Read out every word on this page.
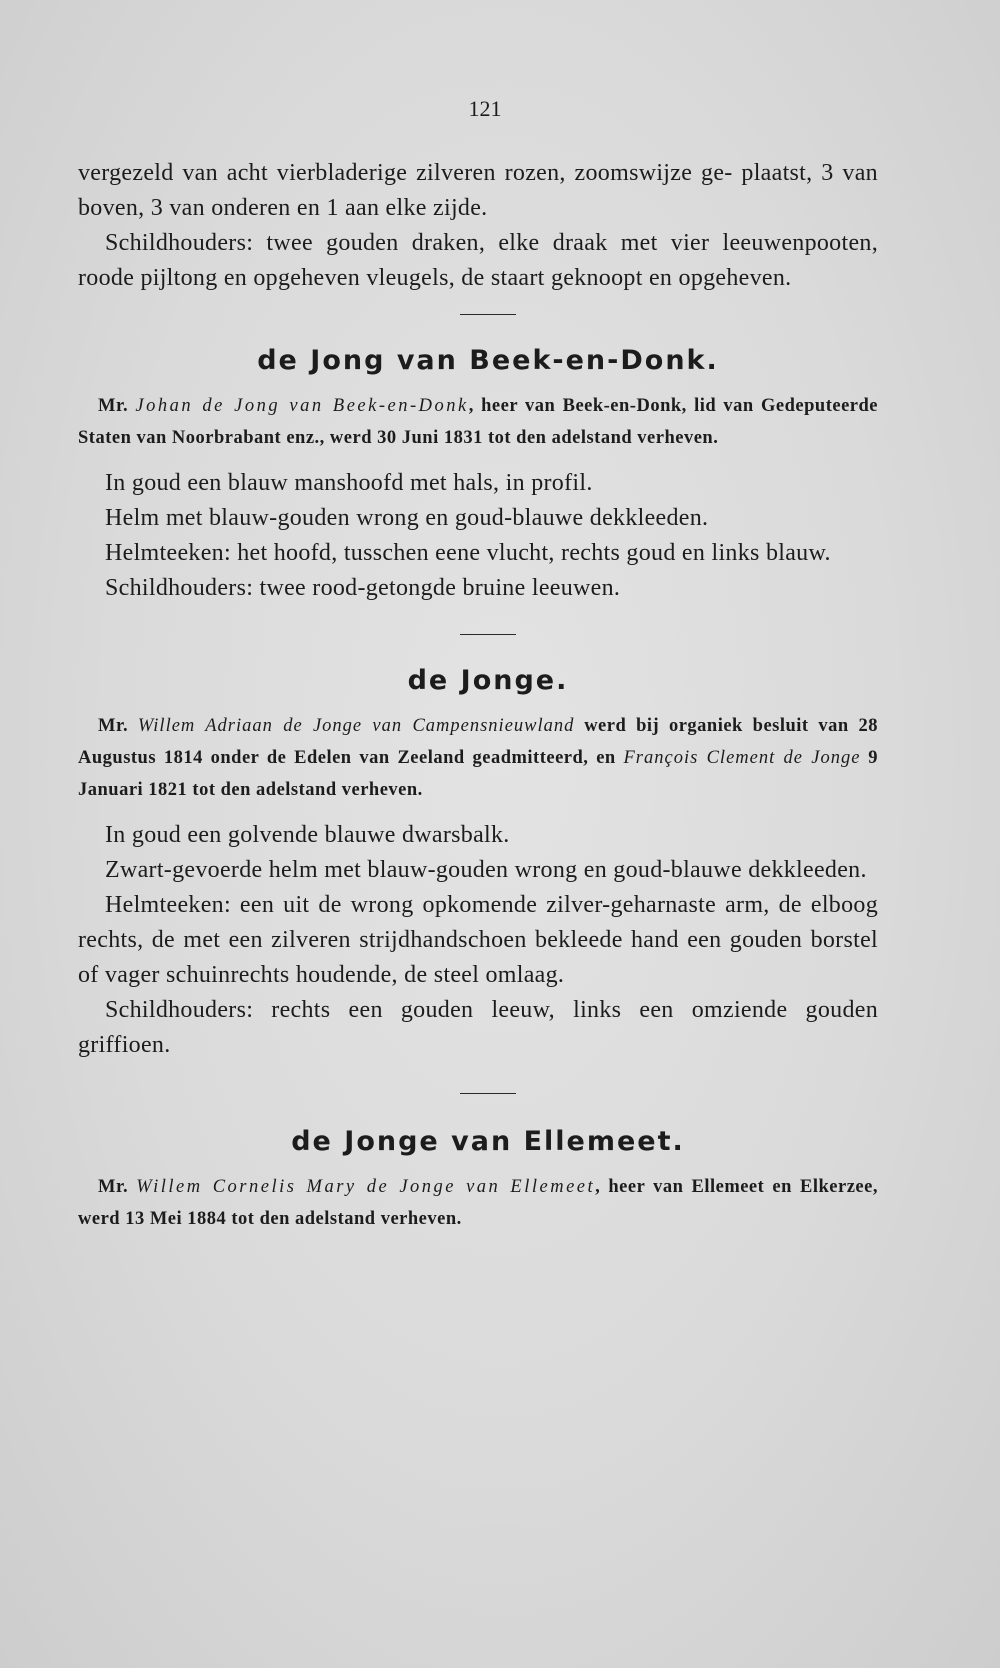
121

vergezeld van acht vierbladerige zilveren rozen, zoomswijze ge- plaatst, 3 van boven, 3 van onderen en 1 aan elke zijde.

Schildhouders: twee gouden draken, elke draak met vier leeuwenpooten, roode pijltong en opgeheven vleugels, de staart geknoopt en opgeheven.

de Jong van Beek-en-Donk.

Mr. Johan de Jong van Beek-en-Donk, heer van Beek-en-Donk, lid van Gedeputeerde Staten van Noorbrabant enz., werd 30 Juni 1831 tot den adelstand verheven.

In goud een blauw manshoofd met hals, in profil.

Helm met blauw-gouden wrong en goud-blauwe dekkleeden.

Helmteeken: het hoofd, tusschen eene vlucht, rechts goud en links blauw.

Schildhouders: twee rood-getongde bruine leeuwen.

de Jonge.

Mr. Willem Adriaan de Jonge van Campensnieuwland werd bij organiek besluit van 28 Augustus 1814 onder de Edelen van Zeeland geadmitteerd, en François Clement de Jonge 9 Januari 1821 tot den adelstand verheven.

In goud een golvende blauwe dwarsbalk.

Zwart-gevoerde helm met blauw-gouden wrong en goud-blauwe dekkleeden.

Helmteeken: een uit de wrong opkomende zilver-geharnaste arm, de elboog rechts, de met een zilveren strijdhandschoen bekleede hand een gouden borstel of vager schuinrechts houdende, de steel omlaag.

Schildhouders: rechts een gouden leeuw, links een omziende gouden griffioen.

de Jonge van Ellemeet.

Mr. Willem Cornelis Mary de Jonge van Ellemeet, heer van Ellemeet en Elkerzee, werd 13 Mei 1884 tot den adelstand verheven.
